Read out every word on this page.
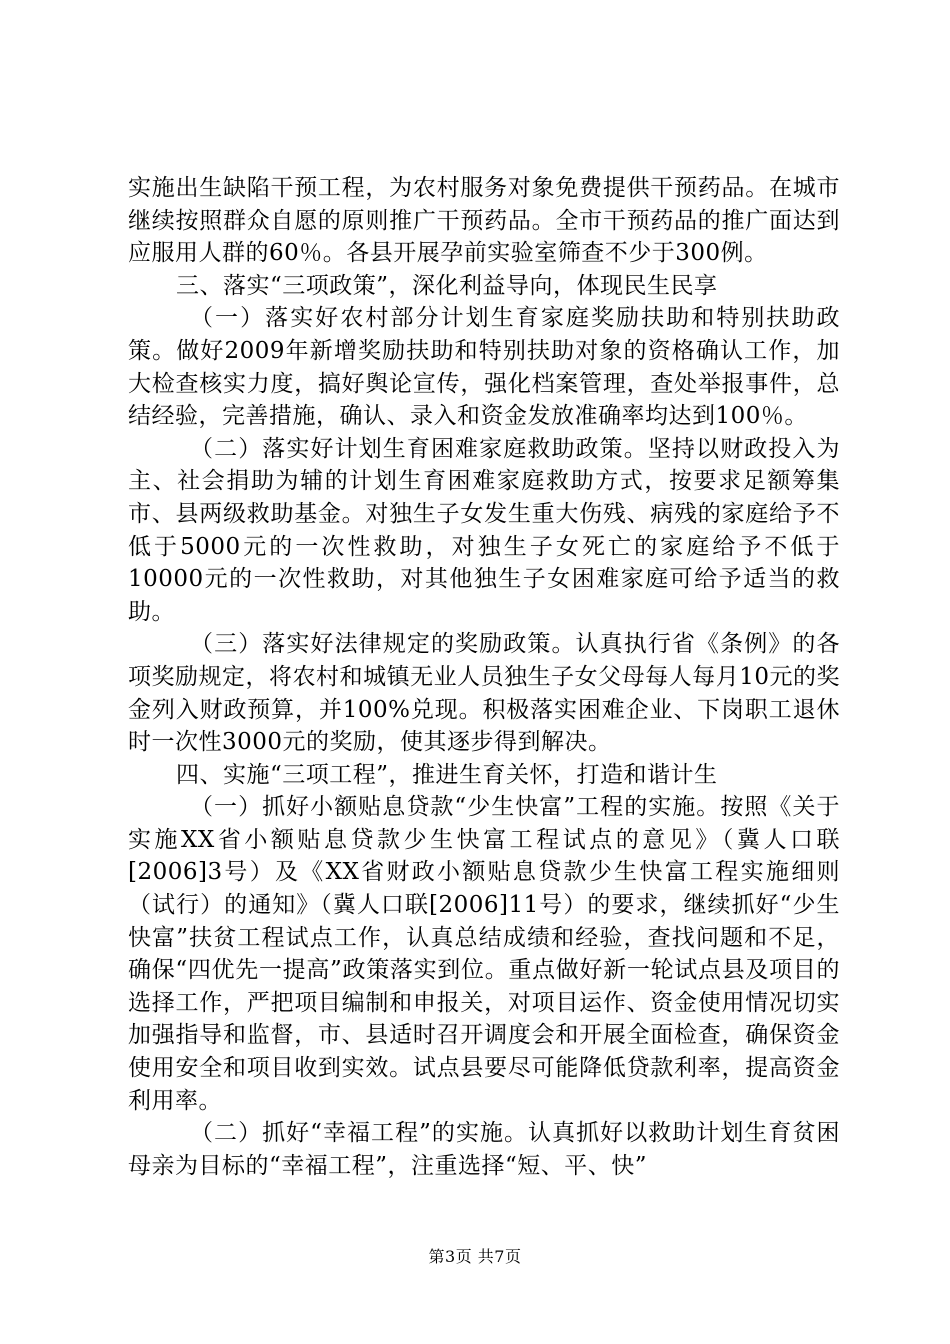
实施出生缺陷干预工程，为农村服务对象免费提供干预药品。在城市继续按照群众自愿的原则推广干预药品。全市干预药品的推广面达到应服用人群的60％。各县开展孕前实验室筛查不少于300例。

三、落实“三项政策”，深化利益导向，体现民生民享

（一）落实好农村部分计划生育家庭奖励扶助和特别扶助政策。做好2009年新增奖励扶助和特别扶助对象的资格确认工作，加大检查核实力度，搞好舆论宣传，强化档案管理，查处举报事件，总结经验，完善措施，确认、录入和资金发放准确率均达到100％。

（二）落实好计划生育困难家庭救助政策。坚持以财政投入为主、社会捐助为辅的计划生育困难家庭救助方式，按要求足额筹集市、县两级救助基金。对独生子女发生重大伤残、病残的家庭给予不低于5000元的一次性救助，对独生子女死亡的家庭给予不低于10000元的一次性救助，对其他独生子女困难家庭可给予适当的救助。

（三）落实好法律规定的奖励政策。认真执行省《条例》的各项奖励规定，将农村和城镇无业人员独生子女父母每人每月10元的奖金列入财政预算，并100%兑现。积极落实困难企业、下岗职工退休时一次性3000元的奖励，使其逐步得到解决。

四、实施“三项工程”，推进生育关怀，打造和谐计生

（一）抓好小额贴息贷款“少生快富”工程的实施。按照《关于实施XX省小额贴息贷款少生快富工程试点的意见》（冀人口联[2006]3号）及《XX省财政小额贴息贷款少生快富工程实施细则（试行）的通知》（冀人口联[2006]11号）的要求，继续抓好“少生快富”扶贫工程试点工作，认真总结成绩和经验，查找问题和不足，确保“四优先一提高”政策落实到位。重点做好新一轮试点县及项目的选择工作，严把项目编制和申报关，对项目运作、资金使用情况切实加强指导和监督，市、县适时召开调度会和开展全面检查，确保资金使用安全和项目收到实效。试点县要尽可能降低贷款利率，提高资金利用率。

（二）抓好“幸福工程”的实施。认真抓好以救助计划生育贫困母亲为目标的“幸福工程”，注重选择“短、平、快”

第3页 共7页
